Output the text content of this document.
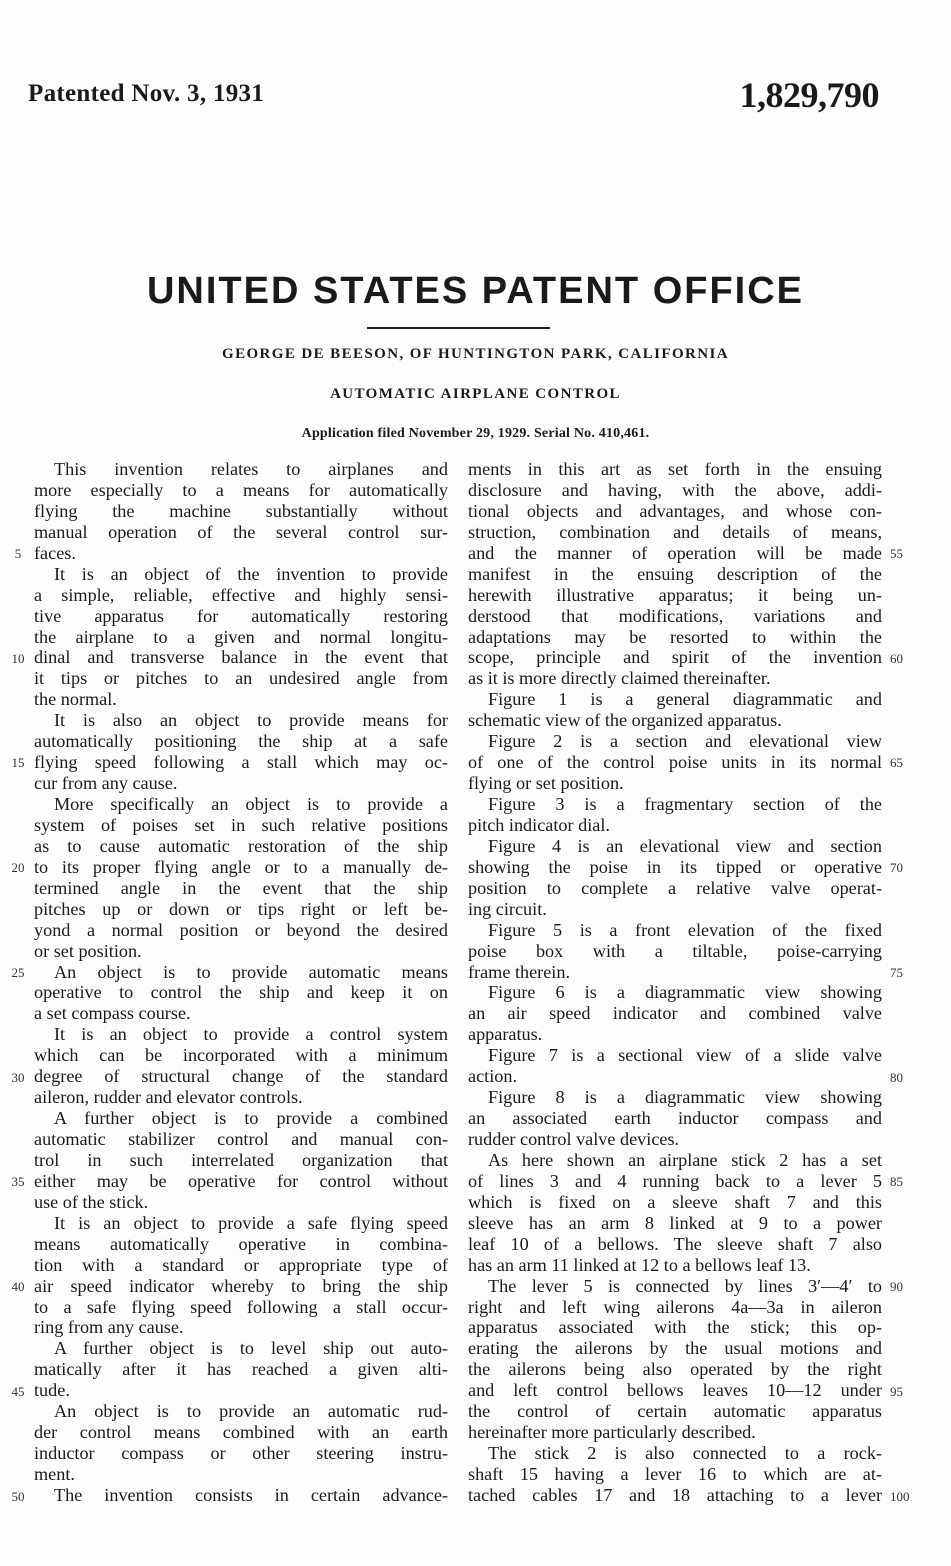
Patented Nov. 3, 1931	1,829,790
UNITED STATES PATENT OFFICE
GEORGE DE BEESON, OF HUNTINGTON PARK, CALIFORNIA
AUTOMATIC AIRPLANE CONTROL
Application filed November 29, 1929. Serial No. 410,461.
This invention relates to airplanes and
more especially to a means for automatically
flying the machine substantially without
manual operation of the several control sur-
faces.
It is an object of the invention to provide
a simple, reliable, effective and highly sensi-
tive apparatus for automatically restoring
the airplane to a given and normal longitu-
dinal and transverse balance in the event that
it tips or pitches to an undesired angle from
the normal.
It is also an object to provide means for
automatically positioning the ship at a safe
flying speed following a stall which may oc-
cur from any cause.
More specifically an object is to provide a
system of poises set in such relative positions
as to cause automatic restoration of the ship
to its proper flying angle or to a manually de-
termined angle in the event that the ship
pitches up or down or tips right or left be-
yond a normal position or beyond the desired
or set position.
An object is to provide automatic means
operative to control the ship and keep it on
a set compass course.
It is an object to provide a control system
which can be incorporated with a minimum
degree of structural change of the standard
aileron, rudder and elevator controls.
A further object is to provide a combined
automatic stabilizer control and manual con-
trol in such interrelated organization that
either may be operative for control without
use of the stick.
It is an object to provide a safe flying speed
means automatically operative in combina-
tion with a standard or appropriate type of
air speed indicator whereby to bring the ship
to a safe flying speed following a stall occur-
ring from any cause.
A further object is to level ship out auto-
matically after it has reached a given alti-
tude.
An object is to provide an automatic rud-
der control means combined with an earth
inductor compass or other steering instru-
ment.
The invention consists in certain advance-
ments in this art as set forth in the ensuing
disclosure and having, with the above, addi-
tional objects and advantages, and whose con-
struction, combination and details of means,
and the manner of operation will be made
manifest in the ensuing description of the
herewith illustrative apparatus; it being un-
derstood that modifications, variations and
adaptations may be resorted to within the
scope, principle and spirit of the invention
as it is more directly claimed thereinafter.
Figure 1 is a general diagrammatic and
schematic view of the organized apparatus.
Figure 2 is a section and elevational view
of one of the control poise units in its normal
flying or set position.
Figure 3 is a fragmentary section of the
pitch indicator dial.
Figure 4 is an elevational view and section
showing the poise in its tipped or operative
position to complete a relative valve operat-
ing circuit.
Figure 5 is a front elevation of the fixed
poise box with a tiltable, poise-carrying
frame therein.
Figure 6 is a diagrammatic view showing
an air speed indicator and combined valve
apparatus.
Figure 7 is a sectional view of a slide valve
action.
Figure 8 is a diagrammatic view showing
an associated earth inductor compass and
rudder control valve devices.
As here shown an airplane stick 2 has a set
of lines 3 and 4 running back to a lever 5
which is fixed on a sleeve shaft 7 and this
sleeve has an arm 8 linked at 9 to a power
leaf 10 of a bellows. The sleeve shaft 7 also
has an arm 11 linked at 12 to a bellows leaf 13.
The lever 5 is connected by lines 3′—4′ to
right and left wing ailerons 4a—3a in aileron
apparatus associated with the stick; this op-
erating the ailerons by the usual motions and
the ailerons being also operated by the right
and left control bellows leaves 10—12 under
the control of certain automatic apparatus
hereinafter more particularly described.
The stick 2 is also connected to a rock-
shaft 15 having a lever 16 to which are at-
tached cables 17 and 18 attaching to a lever
5
10
15
20
25
30
35
40
45
50
55
60
65
70
75
80
85
90
95
100
